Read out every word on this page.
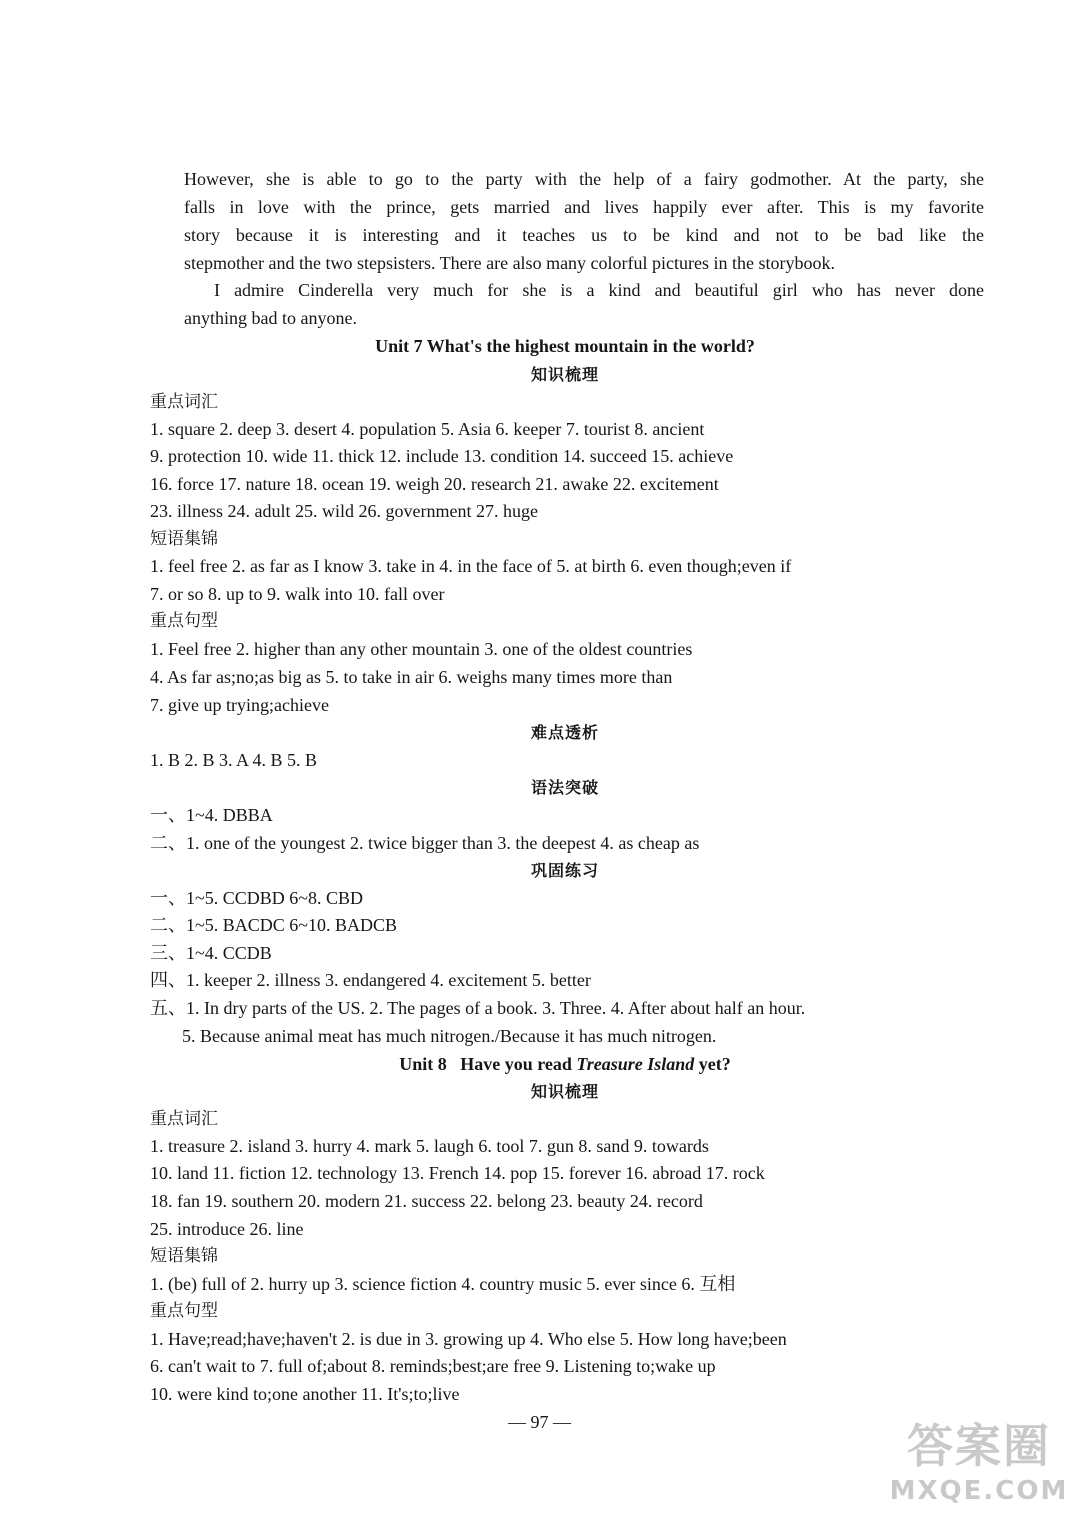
However, she is able to go to the party with the help of a fairy godmother. At the party, she
falls in love with the prince, gets married and lives happily ever after. This is my favorite
story because it is interesting and it teaches us to be kind and not to be bad like the
stepmother and the two stepsisters. There are also many colorful pictures in the storybook.
I admire Cinderella very much for she is a kind and beautiful girl who has never done
anything bad to anyone.
Unit 7 What's the highest mountain in the world?
知识梳理
重点词汇
1. square 2. deep 3. desert 4. population 5. Asia 6. keeper 7. tourist 8. ancient
9. protection 10. wide 11. thick 12. include 13. condition 14. succeed 15. achieve
16. force 17. nature 18. ocean 19. weigh 20. research 21. awake 22. excitement
23. illness 24. adult 25. wild 26. government 27. huge
短语集锦
1. feel free 2. as far as I know 3. take in 4. in the face of 5. at birth 6. even though;even if
7. or so 8. up to 9. walk into 10. fall over
重点句型
1. Feel free 2. higher than any other mountain 3. one of the oldest countries
4. As far as;no;as big as 5. to take in air 6. weighs many times more than
7. give up trying;achieve
难点透析
1. B 2. B 3. A 4. B 5. B
语法突破
一、1~4. DBBA
二、1. one of the youngest 2. twice bigger than 3. the deepest 4. as cheap as
巩固练习
一、1~5. CCDBD 6~8. CBD
二、1~5. BACDC 6~10. BADCB
三、1~4. CCDB
四、1. keeper 2. illness 3. endangered 4. excitement 5. better
五、1. In dry parts of the US. 2. The pages of a book. 3. Three. 4. After about half an hour.
5. Because animal meat has much nitrogen./Because it has much nitrogen.
Unit 8   Have you read Treasure Island yet?
知识梳理
重点词汇
1. treasure 2. island 3. hurry 4. mark 5. laugh 6. tool 7. gun 8. sand 9. towards
10. land 11. fiction 12. technology 13. French 14. pop 15. forever 16. abroad 17. rock
18. fan 19. southern 20. modern 21. success 22. belong 23. beauty 24. record
25. introduce 26. line
短语集锦
1. (be) full of 2. hurry up 3. science fiction 4. country music 5. ever since 6. 互相
重点句型
1. Have;read;have;haven't 2. is due in 3. growing up 4. Who else 5. How long have;been
6. can't wait to 7. full of;about 8. reminds;best;are free 9. Listening to;wake up
10. were kind to;one another 11. It's;to;live
— 97 —	答案圈
MXQE.COM
